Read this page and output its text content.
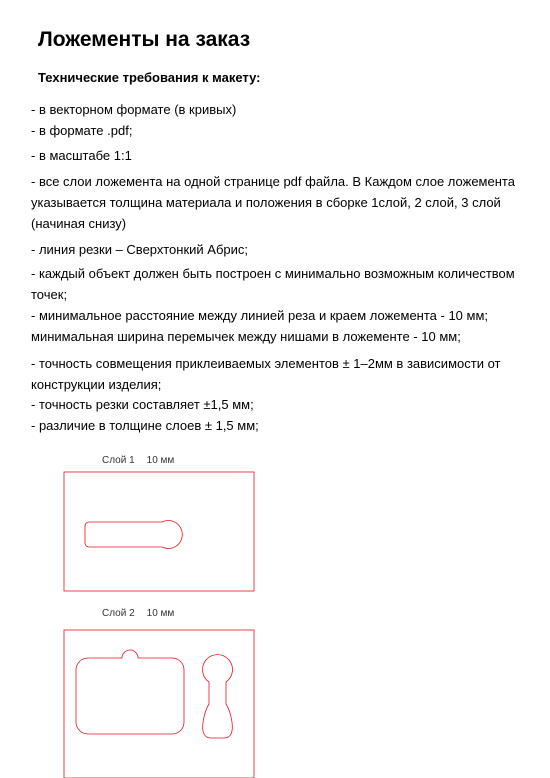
Ложементы на заказ
Технические требования к макету:

- в векторном формате (в кривых)

- в формате .pdf;

- в масштабе 1:1

- все слои ложемента на одной странице pdf файла. В Каждом слое ложемента указывается толщина материала и положения в сборке 1слой, 2 слой, 3 слой (начиная снизу)

- линия резки – Сверхтонкий Абрис;

- каждый объект должен быть построен с минимально возможным количеством точек;

- минимальное расстояние между линией реза и краем ложемента - 10 мм; минимальная ширина перемычек между нишами в ложементе - 10 мм;

- точность совмещения приклеиваемых элементов ± 1–2мм в зависимости от конструкции изделия;

- точность резки составляет ±1,5 мм;

- различие в толщине слоев ± 1,5 мм;

Слой 1 10 мм
Слой 2 10 мм
